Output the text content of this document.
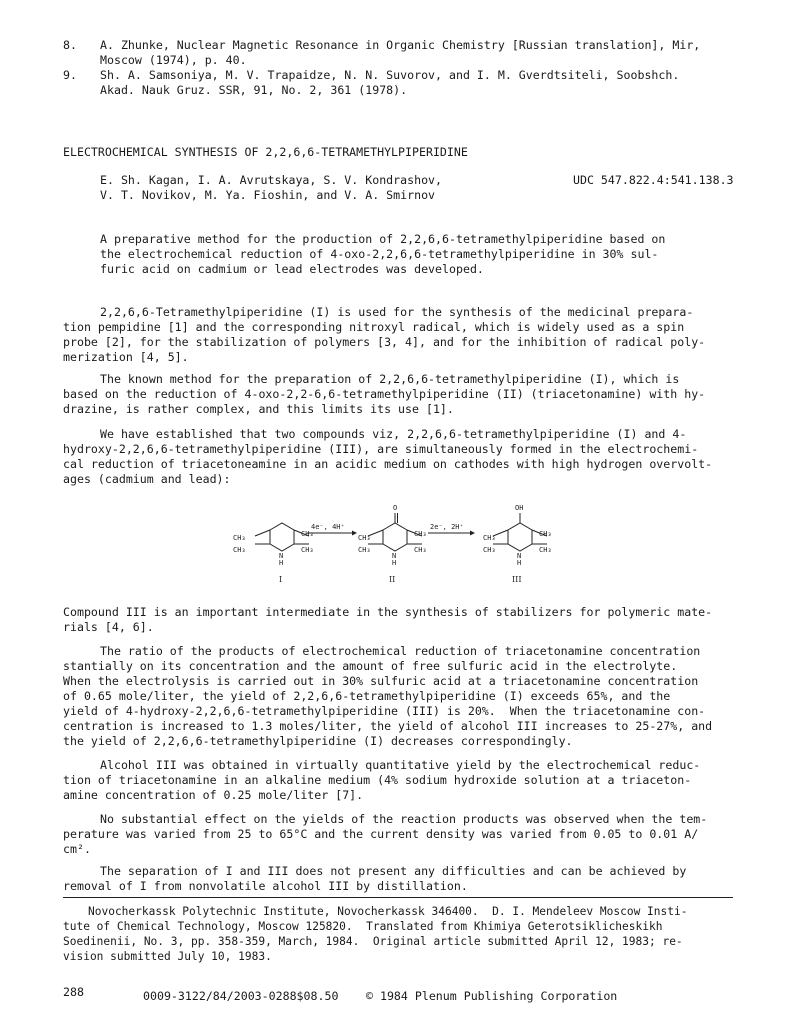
8. A. Zhunke, Nuclear Magnetic Resonance in Organic Chemistry [Russian translation], Mir,
Moscow (1974), p. 40.
9. Sh. A. Samsoniya, M. V. Trapaidze, N. N. Suvorov, and I. M. Gverdtsiteli, Soobshch.
Akad. Nauk Gruz. SSR, 91, No. 2, 361 (1978).
ELECTROCHEMICAL SYNTHESIS OF 2,2,6,6-TETRAMETHYLPIPERIDINE
E. Sh. Kagan, I. A. Avrutskaya, S. V. Kondrashov,
V. T. Novikov, M. Ya. Fioshin, and V. A. Smirnov
UDC 547.822.4:541.138.3
A preparative method for the production of 2,2,6,6-tetramethylpiperidine based on
the electrochemical reduction of 4-oxo-2,2,6,6-tetramethylpiperidine in 30% sul-
furic acid on cadmium or lead electrodes was developed.
2,2,6,6-Tetramethylpiperidine (I) is used for the synthesis of the medicinal prepara-
tion pempidine [1] and the corresponding nitroxyl radical, which is widely used as a spin
probe [2], for the stabilization of polymers [3, 4], and for the inhibition of radical poly-
merization [4, 5].
The known method for the preparation of 2,2,6,6-tetramethylpiperidine (I), which is
based on the reduction of 4-oxo-2,2-6,6-tetramethylpiperidine (II) (triacetonamine) with hy-
drazine, is rather complex, and this limits its use [1].
We have established that two compounds viz, 2,2,6,6-tetramethylpiperidine (I) and 4-
hydroxy-2,2,6,6-tetramethylpiperidine (III), are simultaneously formed in the electrochemi-
cal reduction of triacetoneamine in an acidic medium on cathodes with high hydrogen overvolt-
ages (cadmium and lead):
CH₃
CH₃
CH₃
CH₃
N
H
I
4e⁻, 4H⁺
O
CH₃
CH₃
CH₃
CH₃
N
H
II
2e⁻, 2H⁺
OH
CH₃
CH₃
CH₃
CH₃
N
H
III
Compound III is an important intermediate in the synthesis of stabilizers for polymeric mate-
rials [4, 6].
The ratio of the products of electrochemical reduction of triacetonamine concentration
stantially on its concentration and the amount of free sulfuric acid in the electrolyte.
When the electrolysis is carried out in 30% sulfuric acid at a triacetonamine concentration
of 0.65 mole/liter, the yield of 2,2,6,6-tetramethylpiperidine (I) exceeds 65%, and the
yield of 4-hydroxy-2,2,6,6-tetramethylpiperidine (III) is 20%.  When the triacetonamine con-
centration is increased to 1.3 moles/liter, the yield of alcohol III increases to 25-27%, and
the yield of 2,2,6,6-tetramethylpiperidine (I) decreases correspondingly.
Alcohol III was obtained in virtually quantitative yield by the electrochemical reduc-
tion of triacetonamine in an alkaline medium (4% sodium hydroxide solution at a triaceton-
amine concentration of 0.25 mole/liter [7].
No substantial effect on the yields of the reaction products was observed when the tem-
perature was varied from 25 to 65°C and the current density was varied from 0.05 to 0.01 A/
cm².
The separation of I and III does not present any difficulties and can be achieved by
removal of I from nonvolatile alcohol III by distillation.
Novocherkassk Polytechnic Institute, Novocherkassk 346400.  D. I. Mendeleev Moscow Insti-
tute of Chemical Technology, Moscow 125820.  Translated from Khimiya Geterotsiklicheskikh
Soedinenii, No. 3, pp. 358-359, March, 1984.  Original article submitted April 12, 1983; re-
vision submitted July 10, 1983.
288	0009-3122/84/2003-0288$08.50 © 1984 Plenum Publishing Corporation
